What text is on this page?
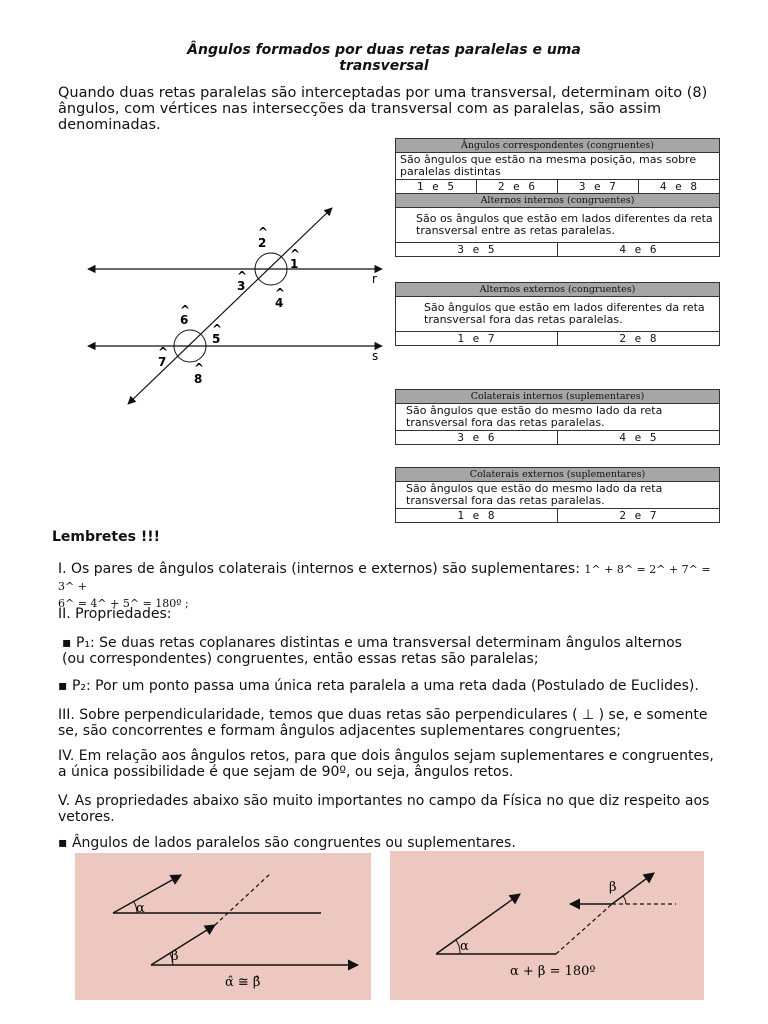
Ângulos formados por duas retas paralelas e uma
transversal
Quando duas retas paralelas são interceptadas por uma transversal, determinam oito (8) ângulos, com vértices nas intersecções da transversal com as paralelas, são assim denominadas.
r
s
^
2
^
1
^
3 ^
4
^
6
^
5
^
7 ^
8
Ângulos correspondentes (congruentes)			
São ângulos que estão na mesma posição, mas sobre paralelas distintas			
1 e 5	2 e 6	3 e 7	4 e 8
Alternos internos (congruentes)			
São os ângulos que estão em lados diferentes da reta transversal entre as retas paralelas.			
3 e 5		4 e 6	
Alternos externos (congruentes)
São ângulos que estão em lados diferentes da reta transversal fora das retas paralelas.
1 e 7	2 e 8
Colaterais internos (suplementares)
São ângulos que estão do mesmo lado da reta transversal fora das retas paralelas.
3 e 6	4 e 5
Colaterais externos (suplementares)
São ângulos que estão do mesmo lado da reta transversal fora das retas paralelas.
1 e 8	2 e 7
Lembretes !!!
I. Os pares de ângulos colaterais (internos e externos) são suplementares: 1^ + 8^ = 2^ + 7^ = 3^ +
6^ = 4^ + 5^ = 180º ;
II. Propriedades:
▪ P₁: Se duas retas coplanares distintas e uma transversal determinam ângulos alternos (ou correspondentes) congruentes, então essas retas são paralelas;
▪ P₂: Por um ponto passa uma única reta paralela a uma reta dada (Postulado de Euclides).
III. Sobre perpendicularidade, temos que duas retas são perpendiculares ( ⊥ ) se, e somente se, são concorrentes e formam ângulos adjacentes suplementares congruentes;
IV. Em relação aos ângulos retos, para que dois ângulos sejam suplementares e congruentes, a única possibilidade é que sejam de 90º, ou seja, ângulos retos.
V. As propriedades abaixo são muito importantes no campo da Física no que diz respeito aos vetores.
▪ Ângulos de lados paralelos são congruentes ou suplementares.
α
β
α̂ ≅ β̂
α
β
α + β = 180º
